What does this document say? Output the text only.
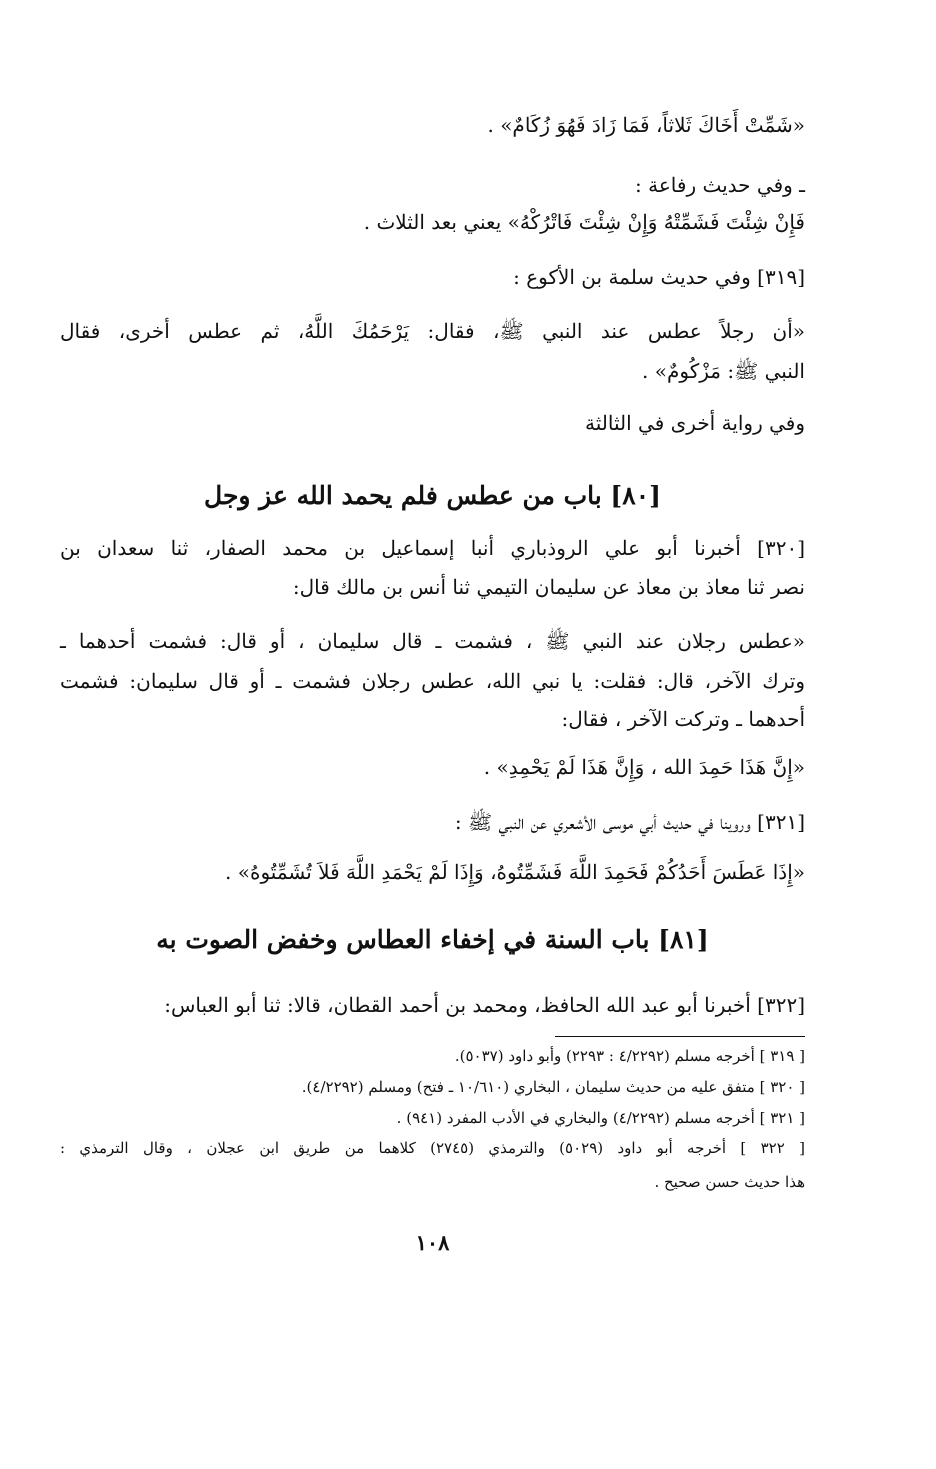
«شَمِّتْ أَخَاكَ ثَلاثاً، فَمَا زَادَ فَهُوَ زُكَامٌ» .
ـ وفي حديث رفاعة :
فَإِنْ شِئْتَ فَشَمِّتْهُ وَإِنْ شِئْتَ فَاتْرُكْهُ» يعني بعد الثلاث .
[٣١٩] وفي حديث سلمة بن الأكوع :
«أن رجلاً عطس عند النبي ﷺ، فقال: يَرْحَمُكَ اللَّهُ، ثم عطس أخرى، فقال
النبي ﷺ: مَزْكُومٌ» .
وفي رواية أخرى في الثالثة
[٨٠] باب من عطس فلم يحمد الله عز وجل
[٣٢٠] أخبرنا أبو علي الروذباري أنبا إسماعيل بن محمد الصفار، ثنا سعدان بن
نصر ثنا معاذ بن معاذ عن سليمان التيمي ثنا أنس بن مالك قال:
«عطس رجلان عند النبي ﷺ ، فشمت ـ قال سليمان ، أو قال: فشمت أحدهما ـ
وترك الآخر، قال: فقلت: يا نبي الله، عطس رجلان فشمت ـ أو قال سليمان: فشمت
أحدهما ـ وتركت الآخر ، فقال:
«إِنَّ هَذَا حَمِدَ الله ، وَإِنَّ هَذَا لَمْ يَحْمِدِ» .
[٣٢١] وروينا في حديث أبي موسى الأشعري عن النبي ﷺ :
«إِذَا عَطَسَ أَحَدُكُمْ فَحَمِدَ اللَّهَ فَشَمِّتُوهُ، وَإِذَا لَمْ يَحْمَدِ اللَّهَ فَلاَ تُشَمِّتُوهُ» .
[٨١] باب السنة في إخفاء العطاس وخفض الصوت به
[٣٢٢] أخبرنا أبو عبد الله الحافظ، ومحمد بن أحمد القطان، قالا: ثنا أبو العباس:
[ ٣١٩ ] أخرجه مسلم (٤/٢٢٩٢ : ٢٢٩٣) وأبو داود (٥٠٣٧).
[ ٣٢٠ ] متفق عليه من حديث سليمان ، البخاري (١٠/٦١٠ ـ فتح) ومسلم (٤/٢٢٩٢).
[ ٣٢١ ] أخرجه مسلم (٤/٢٢٩٢) والبخاري في الأدب المفرد (٩٤١) .
[ ٣٢٢ ] أخرجه أبو داود (٥٠٢٩) والترمذي (٢٧٤٥) كلاهما من طريق ابن عجلان ، وقال الترمذي :
هذا حديث حسن صحيح .
١٠٨
